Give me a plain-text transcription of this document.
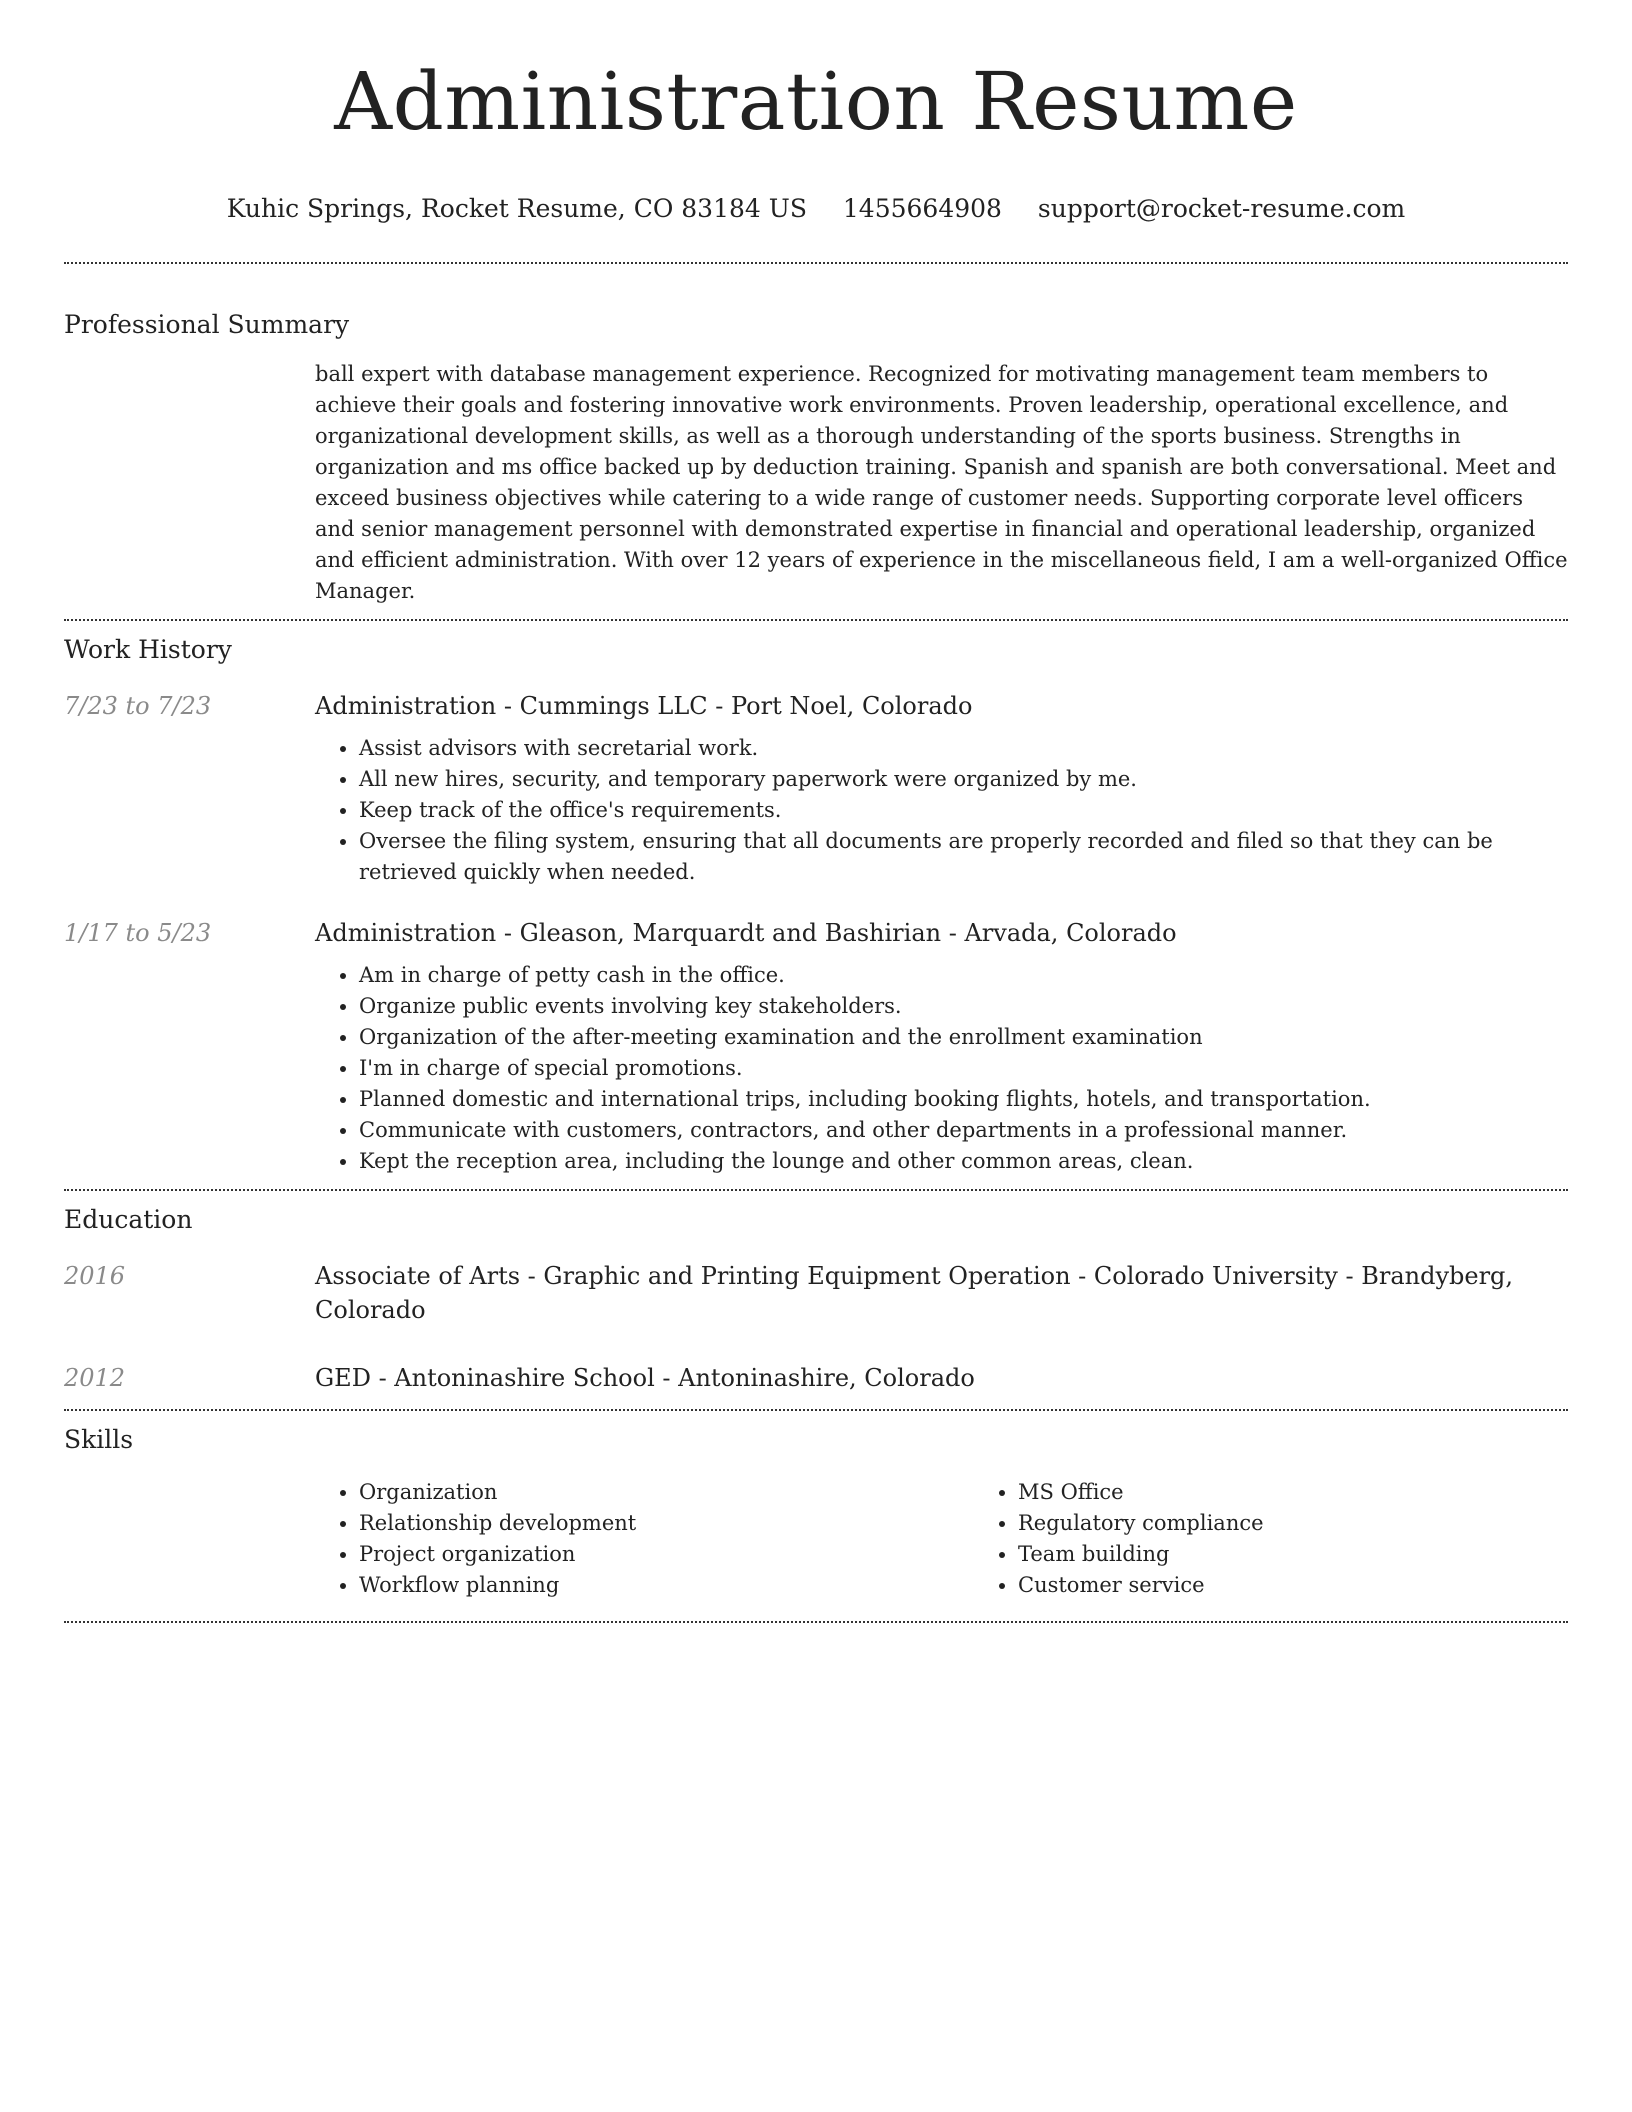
Administration Resume
Kuhic Springs, Rocket Resume, CO 83184 US 1455664908 support@rocket-resume.com
Professional Summary

ball expert with database management experience. Recognized for motivating management team members to achieve their goals and fostering innovative work environments. Proven leadership, operational excellence, and organizational development skills, as well as a thorough understanding of the sports business. Strengths in organization and ms office backed up by deduction training. Spanish and spanish are both conversational. Meet and exceed business objectives while catering to a wide range of customer needs. Supporting corporate level officers and senior management personnel with demonstrated expertise in financial and operational leadership, organized and efficient administration. With over 12 years of experience in the miscellaneous field, I am a well-organized Office Manager.

Work History
7/23 to 7/23	Administration - Cummings LLC - Port Noel, Colorado

• Assist advisors with secretarial work.
• All new hires, security, and temporary paperwork were organized by me.
• Keep track of the office's requirements.
• Oversee the filing system, ensuring that all documents are properly recorded and filed so that they can be retrieved quickly when needed.
1/17 to 5/23	Administration - Gleason, Marquardt and Bashirian - Arvada, Colorado

• Am in charge of petty cash in the office.
• Organize public events involving key stakeholders.
• Organization of the after-meeting examination and the enrollment examination
• I'm in charge of special promotions.
• Planned domestic and international trips, including booking flights, hotels, and transportation.
• Communicate with customers, contractors, and other departments in a professional manner.
• Kept the reception area, including the lounge and other common areas, clean.
Education
2016	Associate of Arts - Graphic and Printing Equipment Operation - Colorado University - Brandyberg, Colorado

2012	GED - Antoninashire School - Antoninashire, Colorado

Skills
• Organization
• Relationship development
• Project organization
• Workflow planning
• MS Office
• Regulatory compliance
• Team building
• Customer service
